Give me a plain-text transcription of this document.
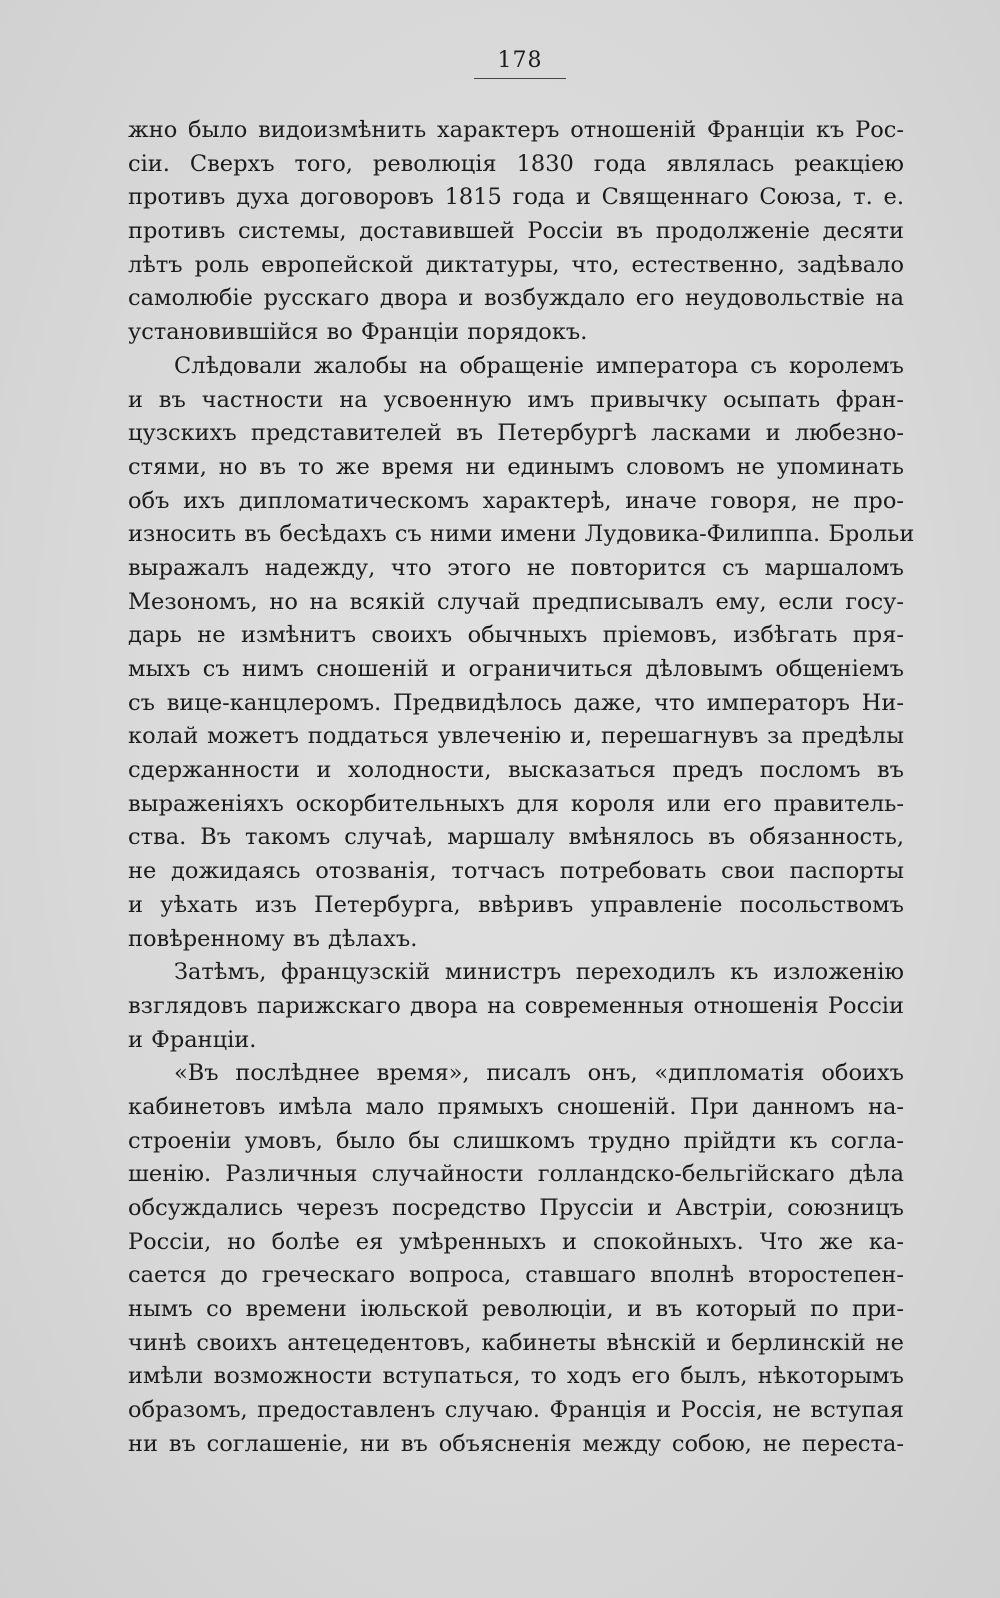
178
жно было видоизмѣнить характеръ отношеній Франціи къ Рос-
сіи. Сверхъ того, революція 1830 года являлась реакціею
противъ духа договоровъ 1815 года и Священнаго Союза, т. е.
противъ системы, доставившей Россіи въ продолженіе десяти
лѣтъ роль европейской диктатуры, что, естественно, задѣвало
самолюбіе русскаго двора и возбуждало его неудовольствіе на
установившійся во Франціи порядокъ.
Слѣдовали жалобы на обращеніе императора съ королемъ
и въ частности на усвоенную имъ привычку осыпать фран-
цузскихъ представителей въ Петербургѣ ласками и любезно-
стями, но въ то же время ни единымъ словомъ не упоминать
объ ихъ дипломатическомъ характерѣ, иначе говоря, не про-
износить въ бесѣдахъ съ ними имени Лудовика-Филиппа. Брольи
выражалъ надежду, что этого не повторится съ маршаломъ
Мезономъ, но на всякій случай предписывалъ ему, если госу-
дарь не измѣнитъ своихъ обычныхъ пріемовъ, избѣгать пря-
мыхъ съ нимъ сношеній и ограничиться дѣловымъ общеніемъ
съ вице-канцлеромъ. Предвидѣлось даже, что императоръ Ни-
колай можетъ поддаться увлеченію и, перешагнувъ за предѣлы
сдержанности и холодности, высказаться предъ посломъ въ
выраженіяхъ оскорбительныхъ для короля или его правитель-
ства. Въ такомъ случаѣ, маршалу вмѣнялось въ обязанность,
не дожидаясь отозванія, тотчасъ потребовать свои паспорты
и уѣхать изъ Петербурга, ввѣривъ управленіе посольствомъ
повѣренному въ дѣлахъ.
Затѣмъ, французскій министръ переходилъ къ изложенію
взглядовъ парижскаго двора на современныя отношенія Россіи
и Франціи.
«Въ послѣднее время», писалъ онъ, «дипломатія обоихъ
кабинетовъ имѣла мало прямыхъ сношеній. При данномъ на-
строеніи умовъ, было бы слишкомъ трудно прійдти къ согла-
шенію. Различныя случайности голландско-бельгійскаго дѣла
обсуждались черезъ посредство Пруссіи и Австріи, союзницъ
Россіи, но болѣе ея умѣренныхъ и спокойныхъ. Что же ка-
сается до греческаго вопроса, ставшаго вполнѣ второстепен-
нымъ со времени іюльской революціи, и въ который по при-
чинѣ своихъ антецедентовъ, кабинеты вѣнскій и берлинскій не
имѣли возможности вступаться, то ходъ его былъ, нѣкоторымъ
образомъ, предоставленъ случаю. Франція и Россія, не вступая
ни въ соглашеніе, ни въ объясненія между собою, не переста-
